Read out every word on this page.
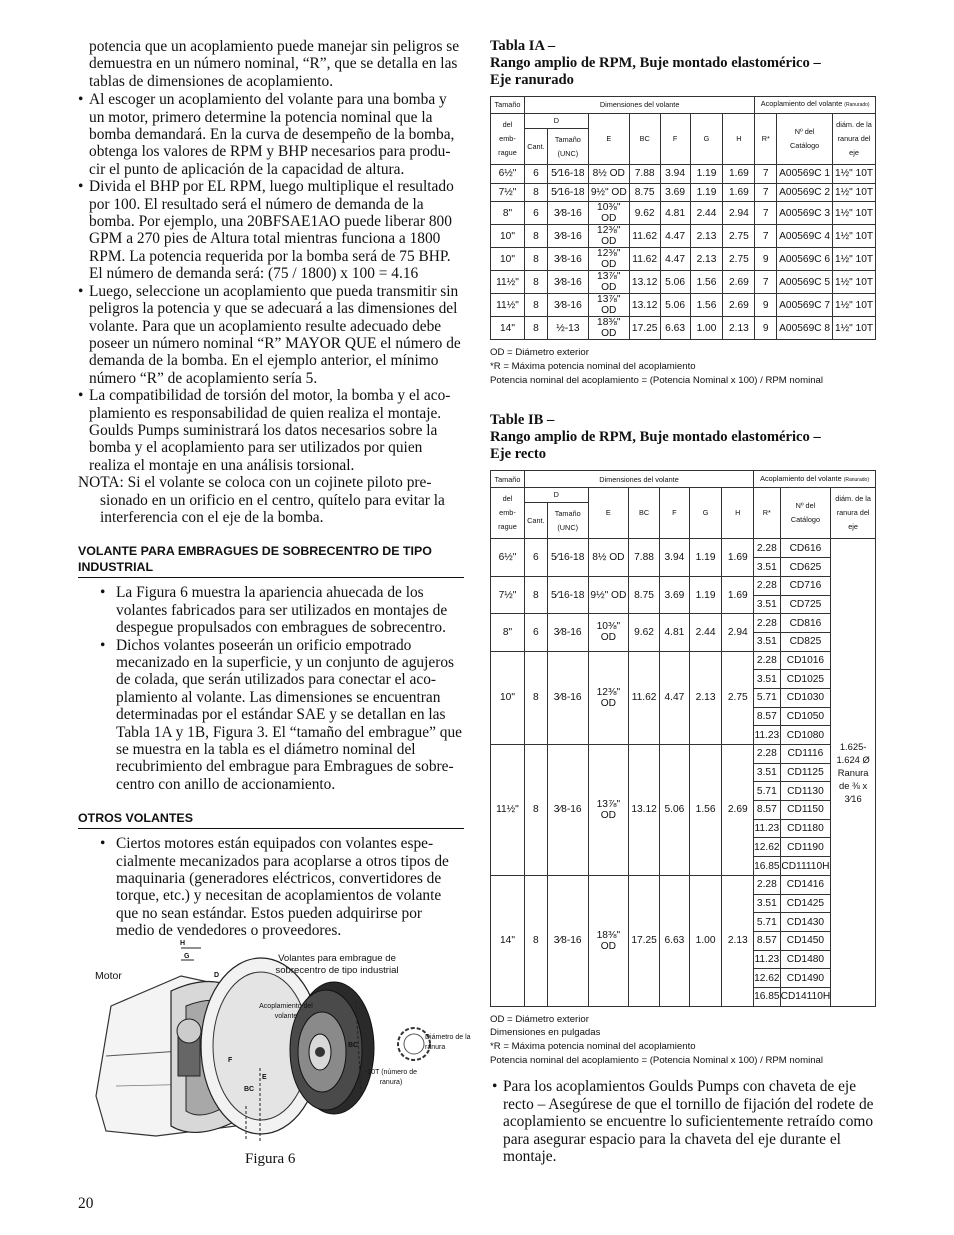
potencia que un acoplamiento puede manejar sin peligros se demuestra en un número nominal, “R”, que se detalla en las tablas de dimensiones de acoplamiento.

• Al escoger un acoplamiento del volante para una bomba y un motor, primero determine la potencia nominal que la bomba demandará. En la curva de desempeño de la bomba, obtenga los valores de RPM y BHP necesarios para produ-cir el punto de aplicación de la capacidad de altura.
• Divida el BHP por EL RPM, luego multiplique el resultado por 100. El resultado será el número de demanda de la bomba. Por ejemplo, una 20BFSAE1AO puede liberar 800 GPM a 270 pies de Altura total mientras funciona a 1800 RPM. La potencia requerida por la bomba será de 75 BHP. El número de demanda será: (75 / 1800) x 100 = 4.16
• Luego, seleccione un acoplamiento que pueda transmitir sin peligros la potencia y que se adecuará a las dimensiones del volante. Para que un acoplamiento resulte adecuado debe poseer un número nominal “R” MAYOR QUE el número de demanda de la bomba. En el ejemplo anterior, el mínimo número “R” de acoplamiento sería 5.
• La compatibilidad de torsión del motor, la bomba y el aco-plamiento es responsabilidad de quien realiza el montaje. Goulds Pumps suministrará los datos necesarios sobre la bomba y el acoplamiento para ser utilizados por quien realiza el montaje en una análisis torsional.

NOTA: Si el volante se coloca con un cojinete piloto pre-sionado en un orificio en el centro, quítelo para evitar la interferencia con el eje de la bomba.

VOLANTE PARA EMBRAGUES DE SOBRECENTRO DE TIPO INDUSTRIAL
• La Figura 6 muestra la apariencia ahuecada de los volantes fabricados para ser utilizados en montajes de despegue propulsados con embragues de sobrecentro.
• Dichos volantes poseerán un orificio empotrado mecanizado en la superficie, y un conjunto de agujeros de colada, que serán utilizados para conectar el aco-plamiento al volante. Las dimensiones se encuentran determinadas por el estándar SAE y se detallan en las Tabla 1A y 1B, Figura 3. El “tamaño del embrague” que se muestra en la tabla es el diámetro nominal del recubrimiento del embrague para Embragues de sobre-centro con anillo de accionamiento.
OTROS VOLANTES
• Ciertos motores están equipados con volantes espe-cialmente mecanizados para acoplarse a otros tipos de maquinaria (generadores eléctricos, convertidores de torque, etc.) y necesitan de acoplamientos de volante que no sean estándar. Estos pueden adquirirse por medio de vendedores o proveedores.
Motor
Volantes para embrague de sobrecentro de tipo industrial
Acoplamiento del volante
Diámetro de la ranura
-10T (número de ranura)
H
G
D
F
E
BC
BC
Figura 6
20
Tabla IA –
Rango amplio de RPM, Buje montado elastomérico –
Eje ranurado
Tamaño	Dimensiones del volante							Acoplamiento del volante (Ranurado)		
del emb-rague	D		E	BC	F	G	H	R*	Nº del Catálogo	diám. de la ranura del eje
	Cant.	Tamaño (UNC)								
6½"	6	5⁄16-18	8½ OD	7.88	3.94	1.19	1.69	7	A00569C 1	1½" 10T
7½"	8	5⁄16-18	9½" OD	8.75	3.69	1.19	1.69	7	A00569C 2	1½" 10T
8"	6	3⁄8-16	10⅜" OD	9.62	4.81	2.44	2.94	7	A00569C 3	1½" 10T
10"	8	3⁄8-16	12⅜" OD	11.62	4.47	2.13	2.75	7	A00569C 4	1½" 10T
10"	8	3⁄8-16	12⅜" OD	11.62	4.47	2.13	2.75	9	A00569C 6	1½" 10T
11½"	8	3⁄8-16	13⅞" OD	13.12	5.06	1.56	2.69	7	A00569C 5	1½" 10T
11½"	8	3⁄8-16	13⅞" OD	13.12	5.06	1.56	2.69	9	A00569C 7	1½" 10T
14"	8	½-13	18⅜" OD	17.25	6.63	1.00	2.13	9	A00569C 8	1½" 10T
OD = Diámetro exterior
*R = Máxima potencia nominal del acoplamiento
Potencia nominal del acoplamiento = (Potencia Nominal x 100) / RPM nominal
Table IB –
Rango amplio de RPM, Buje montado elastomérico –
Eje recto
Tamaño	Dimensiones del volante							Acoplamiento del volante (Ranurado)		
del emb-rague	D		E	BC	F	G	H	R*	Nº del Catálogo	diám. de la ranura del eje
	Cant.	Tamaño (UNC)								
6½"	6	5⁄16-18	8½ OD	7.88	3.94	1.19	1.69	2.28	CD616	1.625- 1.624 Ø Ranura de ⅜ x 3⁄16
								3.51	CD625	
7½"	8	5⁄16-18	9½" OD	8.75	3.69	1.19	1.69	2.28	CD716	
								3.51	CD725	
8"	6	3⁄8-16	10⅜" OD	9.62	4.81	2.44	2.94	2.28	CD816	
								3.51	CD825	
10"	8	3⁄8-16	12⅜" OD	11.62	4.47	2.13	2.75	2.28	CD1016	
								3.51	CD1025	
								5.71	CD1030	
								8.57	CD1050	
								11.23	CD1080	
11½"	8	3⁄8-16	13⅞" OD	13.12	5.06	1.56	2.69	2.28	CD1116	
								3.51	CD1125	
								5.71	CD1130	
								8.57	CD1150	
								11.23	CD1180	
								12.62	CD1190	
								16.85	CD11110H	
14"	8	3⁄8-16	18⅜" OD	17.25	6.63	1.00	2.13	2.28	CD1416	
								3.51	CD1425	
								5.71	CD1430	
								8.57	CD1450	
								11.23	CD1480	
								12.62	CD1490	
								16.85	CD14110H	
OD = Diámetro exterior
Dimensiones en pulgadas
*R = Máxima potencia nominal del acoplamiento
Potencia nominal del acoplamiento = (Potencia Nominal x 100) / RPM nominal
• Para los acoplamientos Goulds Pumps con chaveta de eje recto – Asegúrese de que el tornillo de fijación del rodete de acoplamiento se encuentre lo suficientemente retraído como para asegurar espacio para la chaveta del eje durante el montaje.
